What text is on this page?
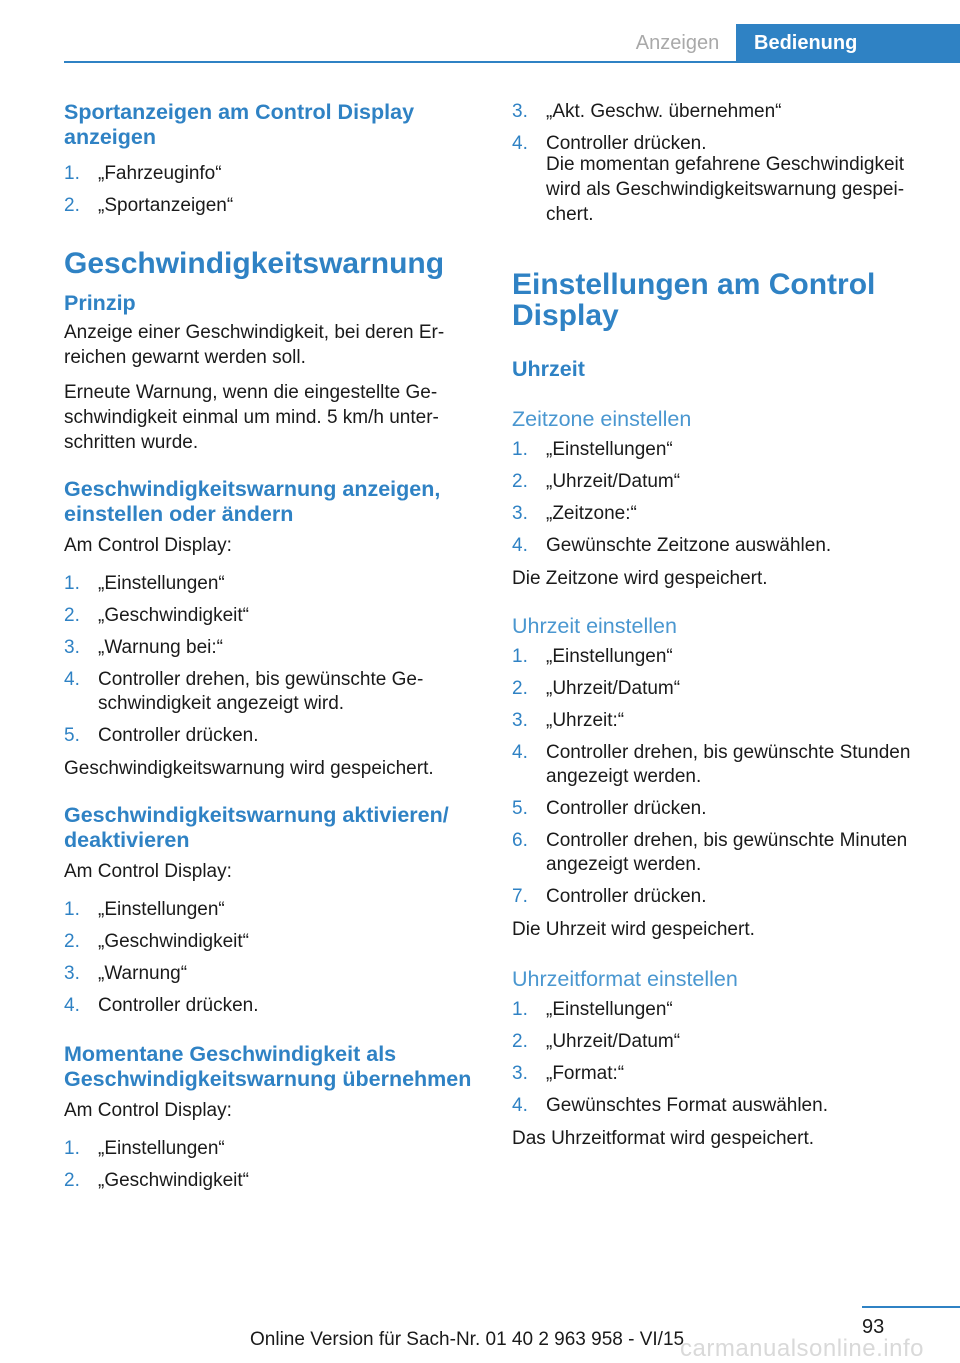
Anzeigen	Bedienung
Sportanzeigen am Control Display anzeigen
1. „Fahrzeuginfo“
2. „Sportanzeigen“
Geschwindigkeitswarnung
Prinzip

Anzeige einer Geschwindigkeit, bei deren Erreichen gewarnt werden soll.

Erneute Warnung, wenn die eingestellte Geschwindigkeit einmal um mind. 5 km/h unterschritten wurde.

Geschwindigkeitswarnung anzeigen, einstellen oder ändern

Am Control Display:

1. „Einstellungen“
2. „Geschwindigkeit“
3. „Warnung bei:“
4. Controller drehen, bis gewünschte Geschwindigkeit angezeigt wird.
5. Controller drücken.

Geschwindigkeitswarnung wird gespeichert.

Geschwindigkeitswarnung aktivieren/ deaktivieren

Am Control Display:

1. „Einstellungen“
2. „Geschwindigkeit“
3. „Warnung“
4. Controller drücken.
Momentane Geschwindigkeit als Geschwindigkeitswarnung übernehmen

Am Control Display:

1. „Einstellungen“
2. „Geschwindigkeit“
3. „Akt. Geschw. übernehmen“
4. Controller drücken.

Die momentan gefahrene Geschwindigkeit wird als Geschwindigkeitswarnung gespeichert.

Einstellungen am Control Display
Uhrzeit
Zeitzone einstellen
1. „Einstellungen“
2. „Uhrzeit/Datum“
3. „Zeitzone:“
4. Gewünschte Zeitzone auswählen.

Die Zeitzone wird gespeichert.

Uhrzeit einstellen
1. „Einstellungen“
2. „Uhrzeit/Datum“
3. „Uhrzeit:“
4. Controller drehen, bis gewünschte Stunden angezeigt werden.
5. Controller drücken.
6. Controller drehen, bis gewünschte Minuten angezeigt werden.
7. Controller drücken.

Die Uhrzeit wird gespeichert.

Uhrzeitformat einstellen
1. „Einstellungen“
2. „Uhrzeit/Datum“
3. „Format:“
4. Gewünschtes Format auswählen.

Das Uhrzeitformat wird gespeichert.

93
Online Version für Sach-Nr. 01 40 2 963 958 - VI/15
carmanualsonline.info
